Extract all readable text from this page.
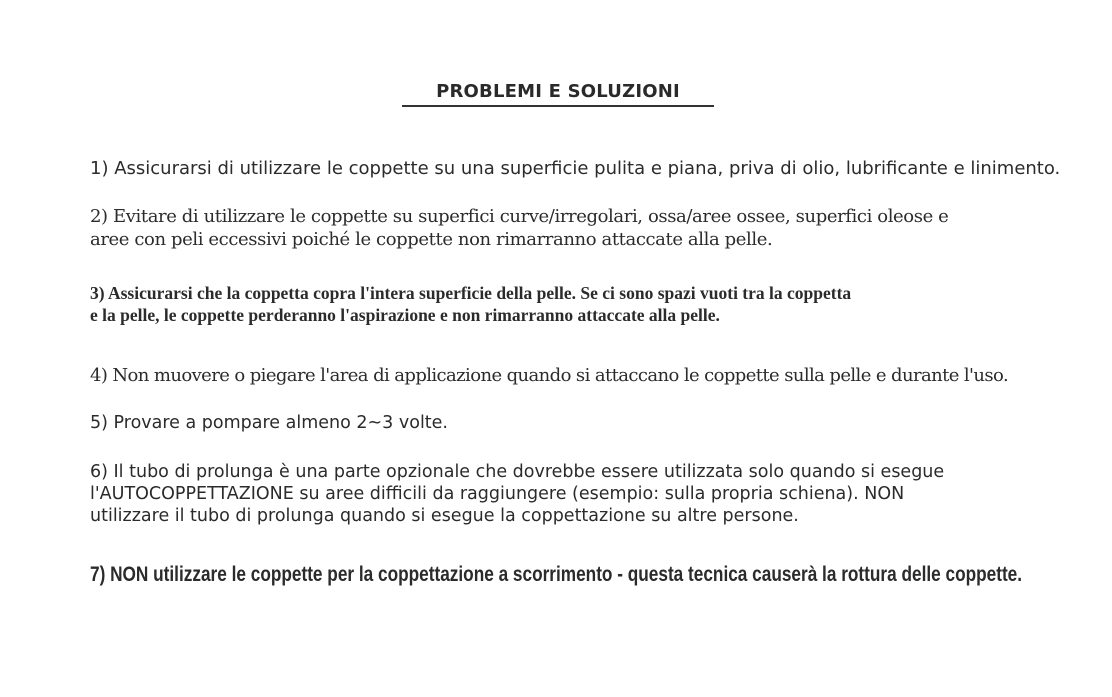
PROBLEMI E SOLUZIONI

1) Assicurarsi di utilizzare le coppette su una superficie pulita e piana, priva di olio, lubrificante e linimento.

2) Evitare di utilizzare le coppette su superfici curve/irregolari, ossa/aree ossee, superfici oleose e
aree con peli eccessivi poiché le coppette non rimarranno attaccate alla pelle.

3) Assicurarsi che la coppetta copra l'intera superficie della pelle. Se ci sono spazi vuoti tra la coppetta
e la pelle, le coppette perderanno l'aspirazione e non rimarranno attaccate alla pelle.

4) Non muovere o piegare l'area di applicazione quando si attaccano le coppette sulla pelle e durante l'uso.

5) Provare a pompare almeno 2~3 volte.

6) Il tubo di prolunga è una parte opzionale che dovrebbe essere utilizzata solo quando si esegue
l'AUTOCOPPETTAZIONE su aree difficili da raggiungere (esempio: sulla propria schiena). NON
utilizzare il tubo di prolunga quando si esegue la coppettazione su altre persone.

7) NON utilizzare le coppette per la coppettazione a scorrimento - questa tecnica causerà la rottura delle coppette.
